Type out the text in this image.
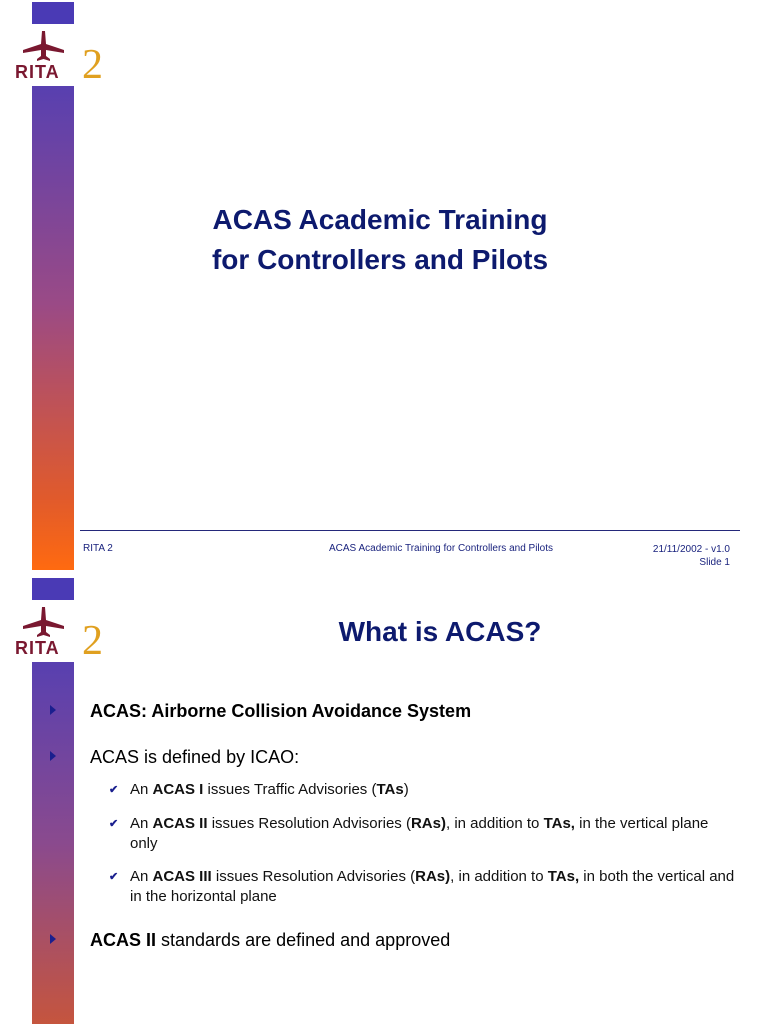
RITA 2
ACAS Academic Training
for Controllers and Pilots
RITA 2	ACAS Academic Training for Controllers and Pilots	21/11/2002 - v1.0
Slide 1
RITA 2	What is ACAS?
ACAS: Airborne Collision Avoidance System
ACAS is defined by ICAO:
✔ An ACAS I issues Traffic Advisories (TAs)
✔ An ACAS II issues Resolution Advisories (RAs), in addition to TAs, in the vertical plane only
✔ An ACAS III issues Resolution Advisories (RAs), in addition to TAs, in both the vertical and in the horizontal plane
ACAS II standards are defined and approved
